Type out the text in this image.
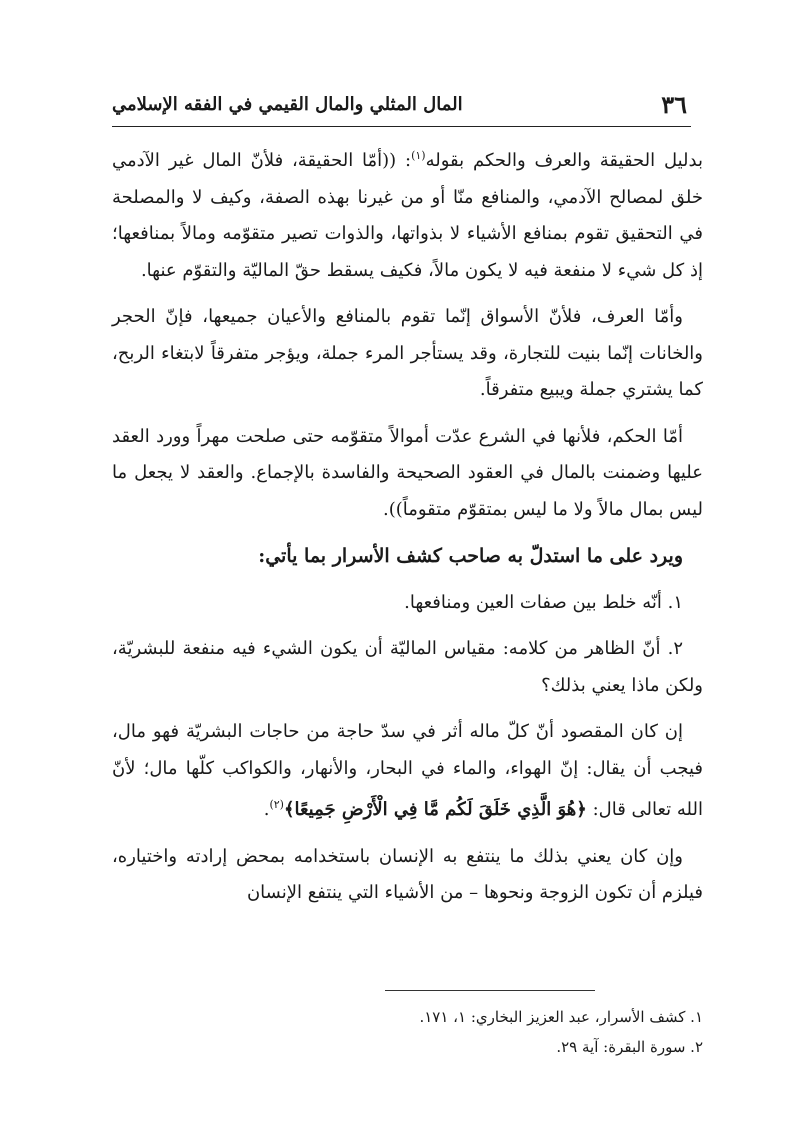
٣٦
المال المثلي والمال القيمي في الفقه الإسلامي

بدليل الحقيقة والعرف والحكم بقوله$^{(١)}$: ((أمّا الحقيقة، فلأنّ المال غير الآدمي خلق لمصالح الآدمي، والمنافع منّا أو من غيرنا بهذه الصفة، وكيف لا والمصلحة في التحقيق تقوم بمنافع الأشياء لا بذواتها، والذوات تصير متقوّمه ومالاً بمنافعها؛ إذ كل شيء لا منفعة فيه لا يكون مالاً، فكيف يسقط حقّ الماليّة والتقوّم عنها.

وأمّا العرف، فلأنّ الأسواق إنّما تقوم بالمنافع والأعيان جميعها، فإنّ الحجر والخانات إنّما بنيت للتجارة، وقد يستأجر المرء جملة، ويؤجر متفرقاً لابتغاء الربح، كما يشتري جملة ويبيع متفرقاً.

أمّا الحكم، فلأنها في الشرع عدّت أموالاً متقوّمه حتى صلحت مهراً وورد العقد عليها وضمنت بالمال في العقود الصحيحة والفاسدة بالإجماع. والعقد لا يجعل ما ليس بمال مالاً ولا ما ليس بمتقوّم متقوماً)).

ويرد على ما استدلّ به صاحب كشف الأسرار بما يأتي:

١. أنّه خلط بين صفات العين ومنافعها.

٢. أنّ الظاهر من كلامه: مقياس الماليّة أن يكون الشيء فيه منفعة للبشريّة، ولكن ماذا يعني بذلك؟

إن كان المقصود أنّ كلّ ماله أثر في سدّ حاجة من حاجات البشريّة فهو مال، فيجب أن يقال: إنّ الهواء، والماء في البحار، والأنهار، والكواكب كلّها مال؛ لأنّ الله تعالى قال: ﴿هُوَ الَّذِي خَلَقَ لَكُم مَّا فِي الْأَرْضِ جَمِيعًا﴾$^{(٢)}$.

وإن كان يعني بذلك ما ينتفع به الإنسان باستخدامه بمحض إرادته واختياره، فيلزم أن تكون الزوجة ونحوها – من الأشياء التي ينتفع الإنسان

١. كشف الأسرار، عبد العزيز البخاري: ١، ١٧١.
٢. سورة البقرة: آية ٢٩.
